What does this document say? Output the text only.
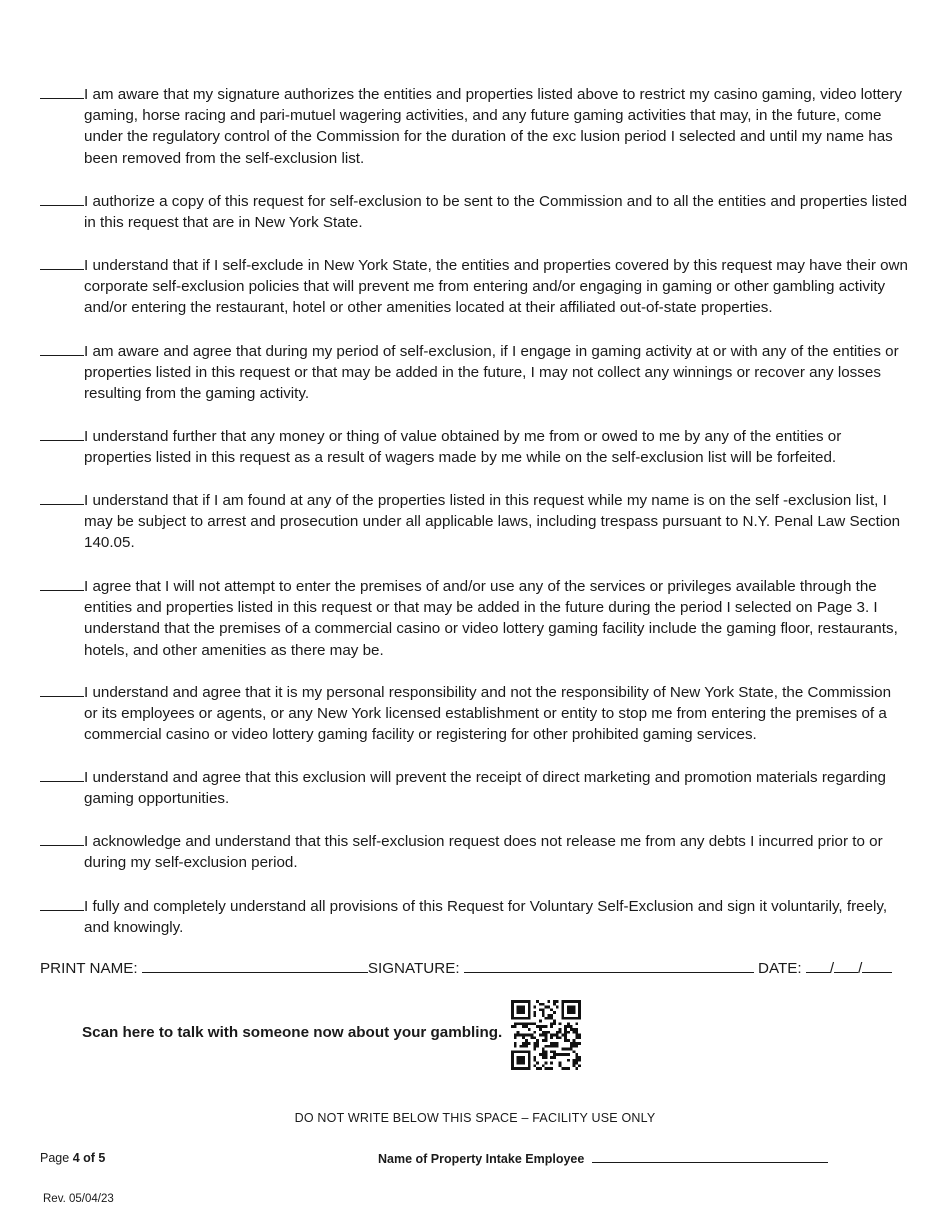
I am aware that my signature authorizes the entities and properties listed above to restrict my casino gaming, video lottery gaming, horse racing and pari-mutuel wagering activities, and any future gaming activities that may, in the future, come under the regulatory control of the Commission for the duration of the exc lusion period I selected and until my name has been removed from the self-exclusion list.
I authorize a copy of this request for self-exclusion to be sent to the Commission and to all the entities and properties listed in this request that are in New York State.
I understand that if I self-exclude in New York State, the entities and properties covered by this request may have their own corporate self-exclusion policies that will prevent me from entering and/or engaging in gaming or other gambling activity and/or entering the restaurant, hotel or other amenities located at their affiliated out-of-state properties.
I am aware and agree that during my period of self-exclusion, if I engage in gaming activity at or with any of the entities or properties listed in this request or that may be added in the future, I may not collect any winnings or recover any losses resulting from the gaming activity.
I understand further that any money or thing of value obtained by me from or owed to me by any of the entities or properties listed in this request as a result of wagers made by me while on the self-exclusion list will be forfeited.
I understand that if I am found at any of the properties listed in this request while my name is on the self -exclusion list, I may be subject to arrest and prosecution under all applicable laws, including trespass pursuant to N.Y. Penal Law Section 140.05.
I agree that I will not attempt to enter the premises of and/or use any of the services or privileges available through the entities and properties listed in this request or that may be added in the future during the period I selected on Page 3. I understand that the premises of a commercial casino or video lottery gaming facility include the gaming floor, restaurants, hotels, and other amenities as there may be.
I understand and agree that it is my personal responsibility and not the responsibility of New York State, the Commission or its employees or agents, or any New York licensed establishment or entity to stop me from entering the premises of a commercial casino or video lottery gaming facility or registering for other prohibited gaming services.
I understand and agree that this exclusion will prevent the receipt of direct marketing and promotion materials regarding gaming opportunities.
I acknowledge and understand that this self-exclusion request does not release me from any debts I incurred prior to or during my self-exclusion period.
I fully and completely understand all provisions of this Request for Voluntary Self-Exclusion and sign it voluntarily, freely, and knowingly.
PRINT NAME:	SIGNATURE:	DATE: / /
Scan here to talk with someone now about your gambling.
DO NOT WRITE BELOW THIS SPACE – FACILITY USE ONLY
Page 4 of 5	Name of Property Intake Employee
Rev. 05/04/23
